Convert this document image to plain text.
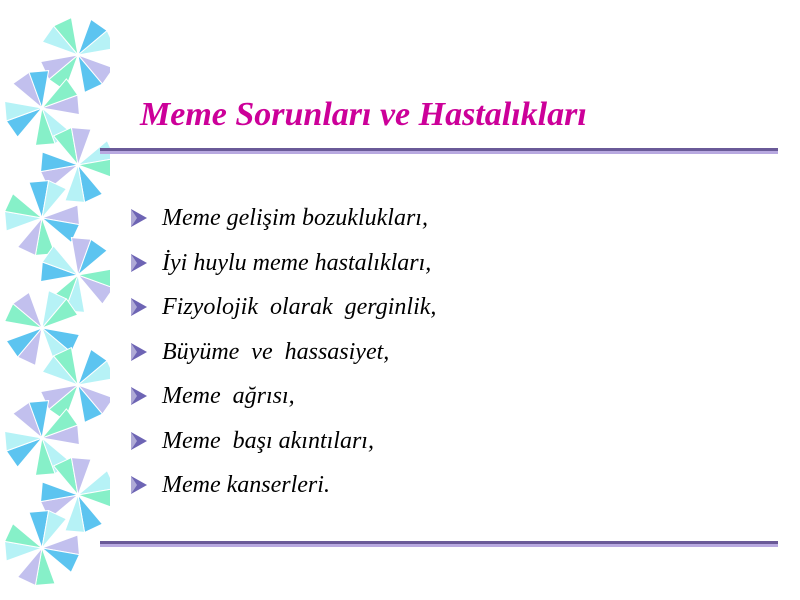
Meme Sorunları ve Hastalıkları
Meme gelişim bozuklukları,
İyi huylu meme hastalıkları,
Fizyolojik  olarak  gerginlik,
Büyüme  ve  hassasiyet,
Meme  ağrısı,
Meme  başı akıntıları,
Meme kanserleri.
